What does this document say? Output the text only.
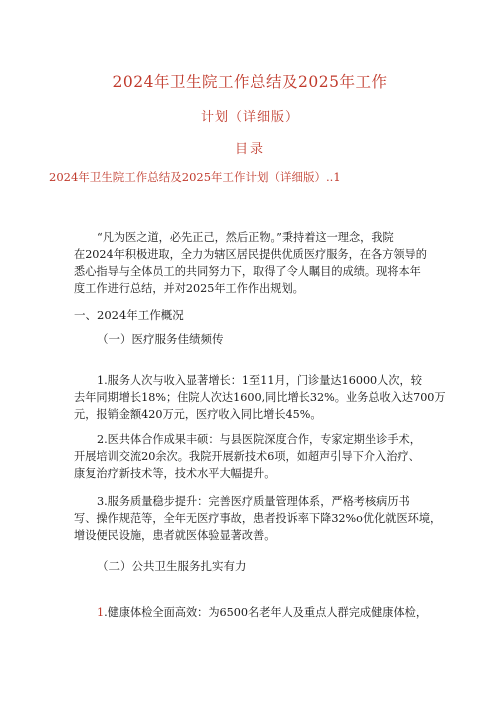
2024年卫生院工作总结及2025年工作
计划（详细版）
目录
2024年卫生院工作总结及2025年工作计划（详细版）..1
“凡为医之道，必先正己，然后正物。”秉持着这一理念，我院
在2024年积极进取，全力为辖区居民提供优质医疗服务，在各方领导的
悉心指导与全体员工的共同努力下，取得了令人瞩目的成绩。现将本年
度工作进行总结，并对2025年工作作出规划。
一、2024年工作概况
（一）医疗服务佳绩频传
1.服务人次与收入显著增长：1至11月，门诊量达16000人次，较
去年同期增长18%；住院人次达1600,同比增长32%。业务总收入达700万
元，报销金额420万元，医疗收入同比增长45%。
2.医共体合作成果丰硕：与县医院深度合作，专家定期坐诊手术，
开展培训交流20余次。我院开展新技术6项，如超声引导下介入治疗、
康复治疗新技术等，技术水平大幅提升。
3.服务质量稳步提升：完善医疗质量管理体系，严格考核病历书
写、操作规范等，全年无医疗事故，患者投诉率下降32%o优化就医环境，
增设便民设施，患者就医体验显著改善。
（二）公共卫生服务扎实有力
1.健康体检全面高效：为6500名老年人及重点人群完成健康体检，
